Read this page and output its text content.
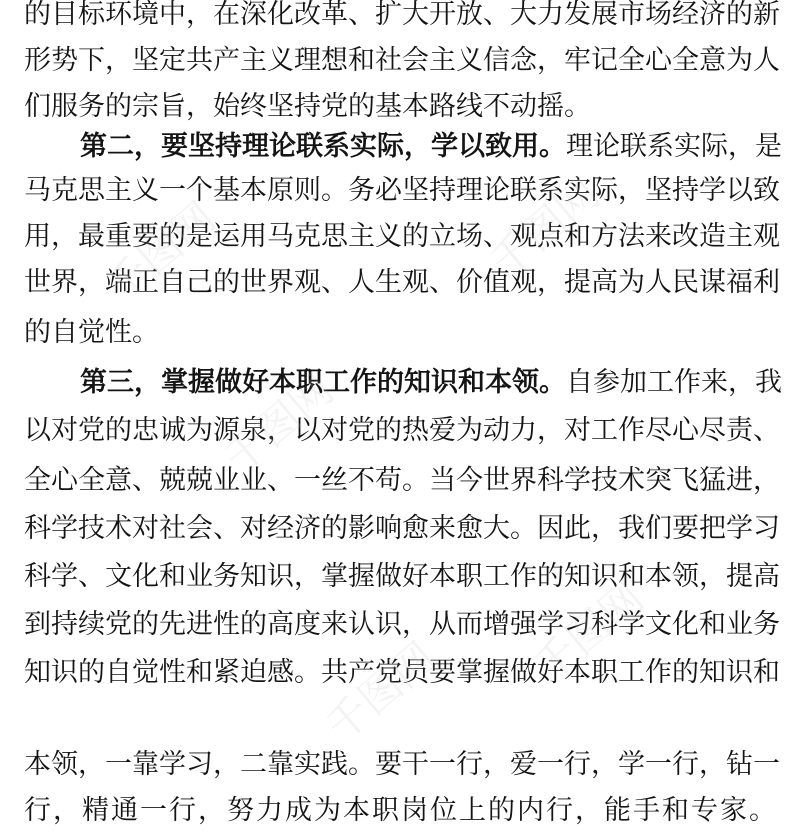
的目标环境中，在深化改革、扩大开放、大力发展市场经济的新
形势下，坚定共产主义理想和社会主义信念，牢记全心全意为人
们服务的宗旨，始终坚持党的基本路线不动摇。
第二，要坚持理论联系实际，学以致用。理论联系实际，是
马克思主义一个基本原则。务必坚持理论联系实际，坚持学以致
用，最重要的是运用马克思主义的立场、观点和方法来改造主观
世界，端正自己的世界观、人生观、价值观，提高为人民谋福利
的自觉性。
第三，掌握做好本职工作的知识和本领。自参加工作来，我
以对党的忠诚为源泉，以对党的热爱为动力，对工作尽心尽责、
全心全意、兢兢业业、一丝不苟。当今世界科学技术突飞猛进，
科学技术对社会、对经济的影响愈来愈大。因此，我们要把学习
科学、文化和业务知识，掌握做好本职工作的知识和本领，提高
到持续党的先进性的高度来认识，从而增强学习科学文化和业务
知识的自觉性和紧迫感。共产党员要掌握做好本职工作的知识和
本领，一靠学习，二靠实践。要干一行，爱一行，学一行，钻一
行，精通一行，努力成为本职岗位上的内行，能手和专家。
千图网	千图网
千图网
千图网
千图网
